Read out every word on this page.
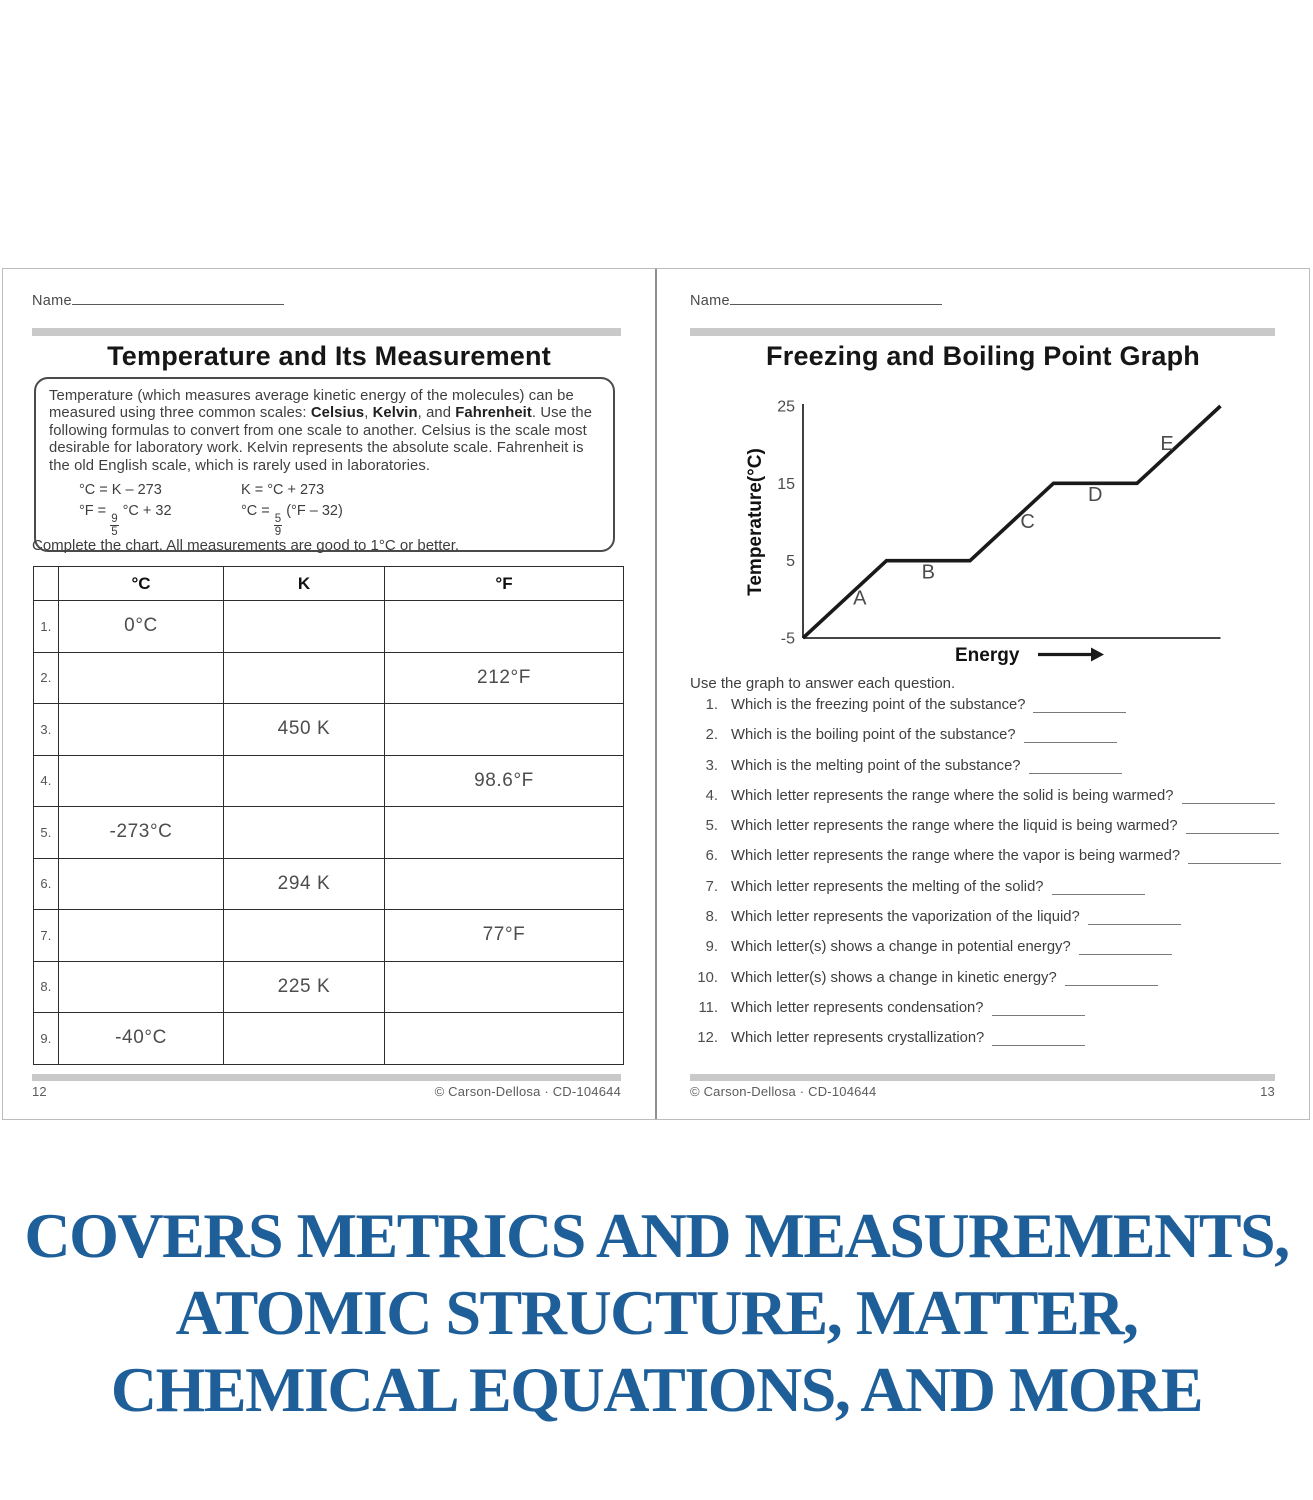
Name
Temperature and Its Measurement
Temperature (which measures average kinetic energy of the molecules) can be measured using three common scales: Celsius, Kelvin, and Fahrenheit. Use the following formulas to convert from one scale to another. Celsius is the scale most desirable for laboratory work. Kelvin represents the absolute scale. Fahrenheit is the old English scale, which is rarely used in laboratories.
°C = K – 273	K = °C + 273
°F =
$\frac{9}{5}$
°C + 32	°C =
$\frac{5}{9}$
(°F – 32)
Complete the chart. All measurements are good to 1°C or better.
	°C	K	°F
1.	0°C		
2.			212°F
3.		450 K	
4.			98.6°F
5.	-273°C		
6.		294 K	
7.			77°F
8.		225 K	
9.	-40°C		
12	© Carson-Dellosa · CD-104644
Name
Freezing and Boiling Point Graph
25
15
5
-5
A
B
C
D
E
Temperature(°C)
Energy
Use the graph to answer each question.
1. Which is the freezing point of the substance?
2. Which is the boiling point of the substance?
3. Which is the melting point of the substance?
4. Which letter represents the range where the solid is being warmed?
5. Which letter represents the range where the liquid is being warmed?
6. Which letter represents the range where the vapor is being warmed?
7. Which letter represents the melting of the solid?
8. Which letter represents the vaporization of the liquid?
9. Which letter(s) shows a change in potential energy?
10. Which letter(s) shows a change in kinetic energy?
11. Which letter represents condensation?
12. Which letter represents crystallization?
© Carson-Dellosa · CD-104644	13
COVERS METRICS AND MEASUREMENTS,
ATOMIC STRUCTURE, MATTER,
CHEMICAL EQUATIONS, AND MORE
